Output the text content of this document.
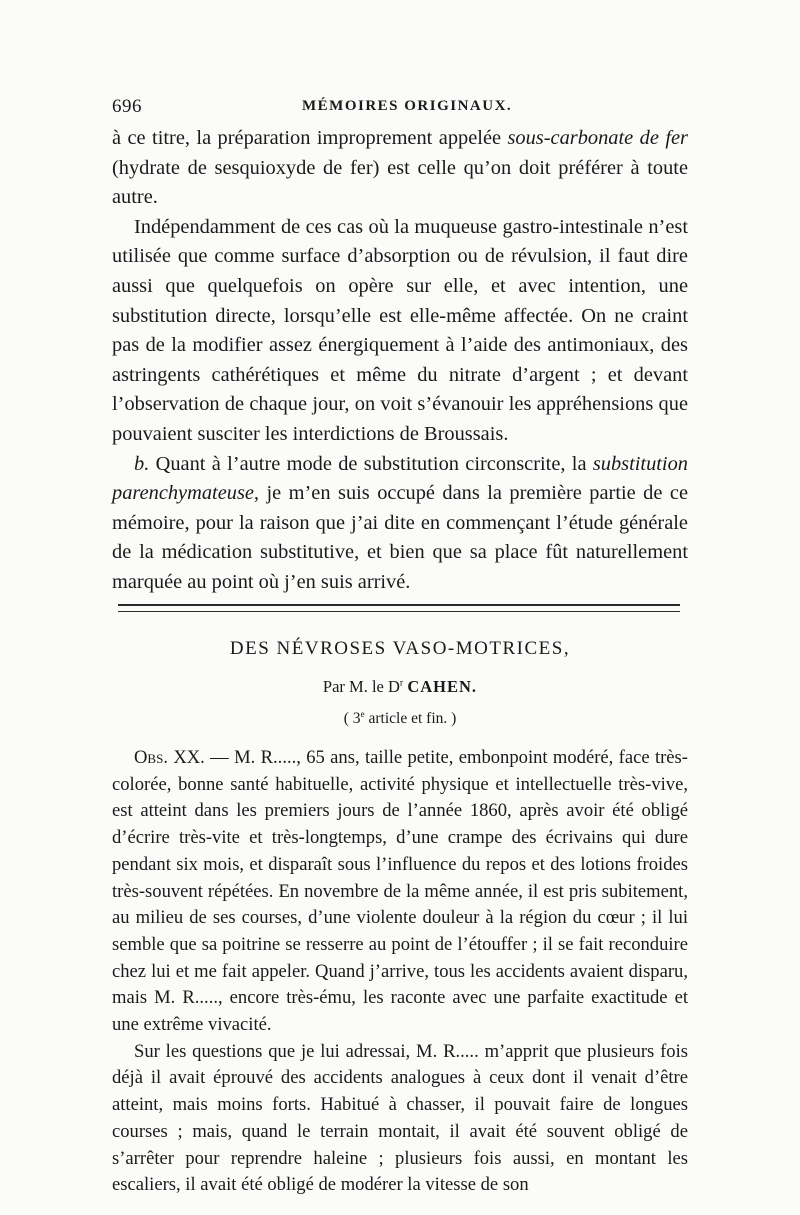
696	MÉMOIRES ORIGINAUX.

à ce titre, la préparation improprement appelée sous-carbonate de fer (hydrate de sesquioxyde de fer) est celle qu’on doit préférer à toute autre.

Indépendamment de ces cas où la muqueuse gastro-intestinale n’est utilisée que comme surface d’absorption ou de révulsion, il faut dire aussi que quelquefois on opère sur elle, et avec intention, une substitution directe, lorsqu’elle est elle-même affectée. On ne craint pas de la modifier assez énergiquement à l’aide des antimoniaux, des astringents cathérétiques et même du nitrate d’argent ; et devant l’observation de chaque jour, on voit s’évanouir les appréhensions que pouvaient susciter les interdictions de Broussais.

b. Quant à l’autre mode de substitution circonscrite, la substitution parenchymateuse, je m’en suis occupé dans la première partie de ce mémoire, pour la raison que j’ai dite en commençant l’étude générale de la médication substitutive, et bien que sa place fût naturellement marquée au point où j’en suis arrivé.

DES NÉVROSES VASO-MOTRICES,
Par M. le $D^r$ CAHEN.
( 3e article et fin. )

Obs. XX. — M. R....., 65 ans, taille petite, embonpoint modéré, face très-colorée, bonne santé habituelle, activité physique et intellectuelle très-vive, est atteint dans les premiers jours de l’année 1860, après avoir été obligé d’écrire très-vite et très-longtemps, d’une crampe des écrivains qui dure pendant six mois, et disparaît sous l’influence du repos et des lotions froides très-souvent répétées. En novembre de la même année, il est pris subitement, au milieu de ses courses, d’une violente douleur à la région du cœur ; il lui semble que sa poitrine se resserre au point de l’étouffer ; il se fait reconduire chez lui et me fait appeler. Quand j’arrive, tous les accidents avaient disparu, mais M. R....., encore très-ému, les raconte avec une parfaite exactitude et une extrême vivacité.

Sur les questions que je lui adressai, M. R..... m’apprit que plusieurs fois déjà il avait éprouvé des accidents analogues à ceux dont il venait d’être atteint, mais moins forts. Habitué à chasser, il pouvait faire de longues courses ; mais, quand le terrain montait, il avait été souvent obligé de s’arrêter pour reprendre haleine ; plusieurs fois aussi, en montant les escaliers, il avait été obligé de modérer la vitesse de son
